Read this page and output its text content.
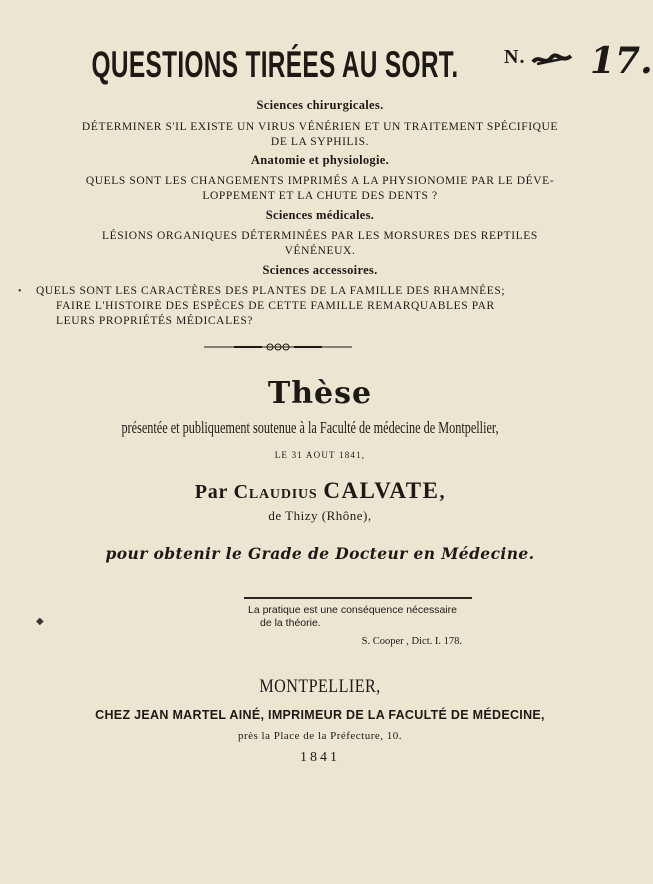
QUESTIONS TIRÉES AU SORT.	N. 17.
Sciences chirurgicales.
DÉTERMINER S'IL EXISTE UN VIRUS VÉNÉRIEN ET UN TRAITEMENT SPÉCIFIQUE
DE LA SYPHILIS.
Anatomie et physiologie.
QUELS SONT LES CHANGEMENTS IMPRIMÉS A LA PHYSIONOMIE PAR LE DÉVE-
LOPPEMENT ET LA CHUTE DES DENTS ?
Sciences médicales.
LÉSIONS ORGANIQUES DÉTERMINÉES PAR LES MORSURES DES REPTILES
VÉNÉNEUX.
Sciences accessoires.
QUELS SONT LES CARACTÈRES DES PLANTES DE LA FAMILLE DES RHAMNÉES;
FAIRE L'HISTOIRE DES ESPÈCES DE CETTE FAMILLE REMARQUABLES PAR
LEURS PROPRIÉTÉS MÉDICALES?
Thèse
présentée et publiquement soutenue à la Faculté de médecine de Montpellier,
LE 31 AOUT 1841,
Par Claudius CALVATE,
de Thizy (Rhône),
pour obtenir le Grade de Docteur en Médecine.
La pratique est une conséquence nécessaire
de la théorie.
S. Cooper , Dict. I. 178.
MONTPELLIER,
CHEZ JEAN MARTEL AINÉ, IMPRIMEUR DE LA FACULTÉ DE MÉDECINE,
près la Place de la Préfecture, 10.
1841
•
◆
